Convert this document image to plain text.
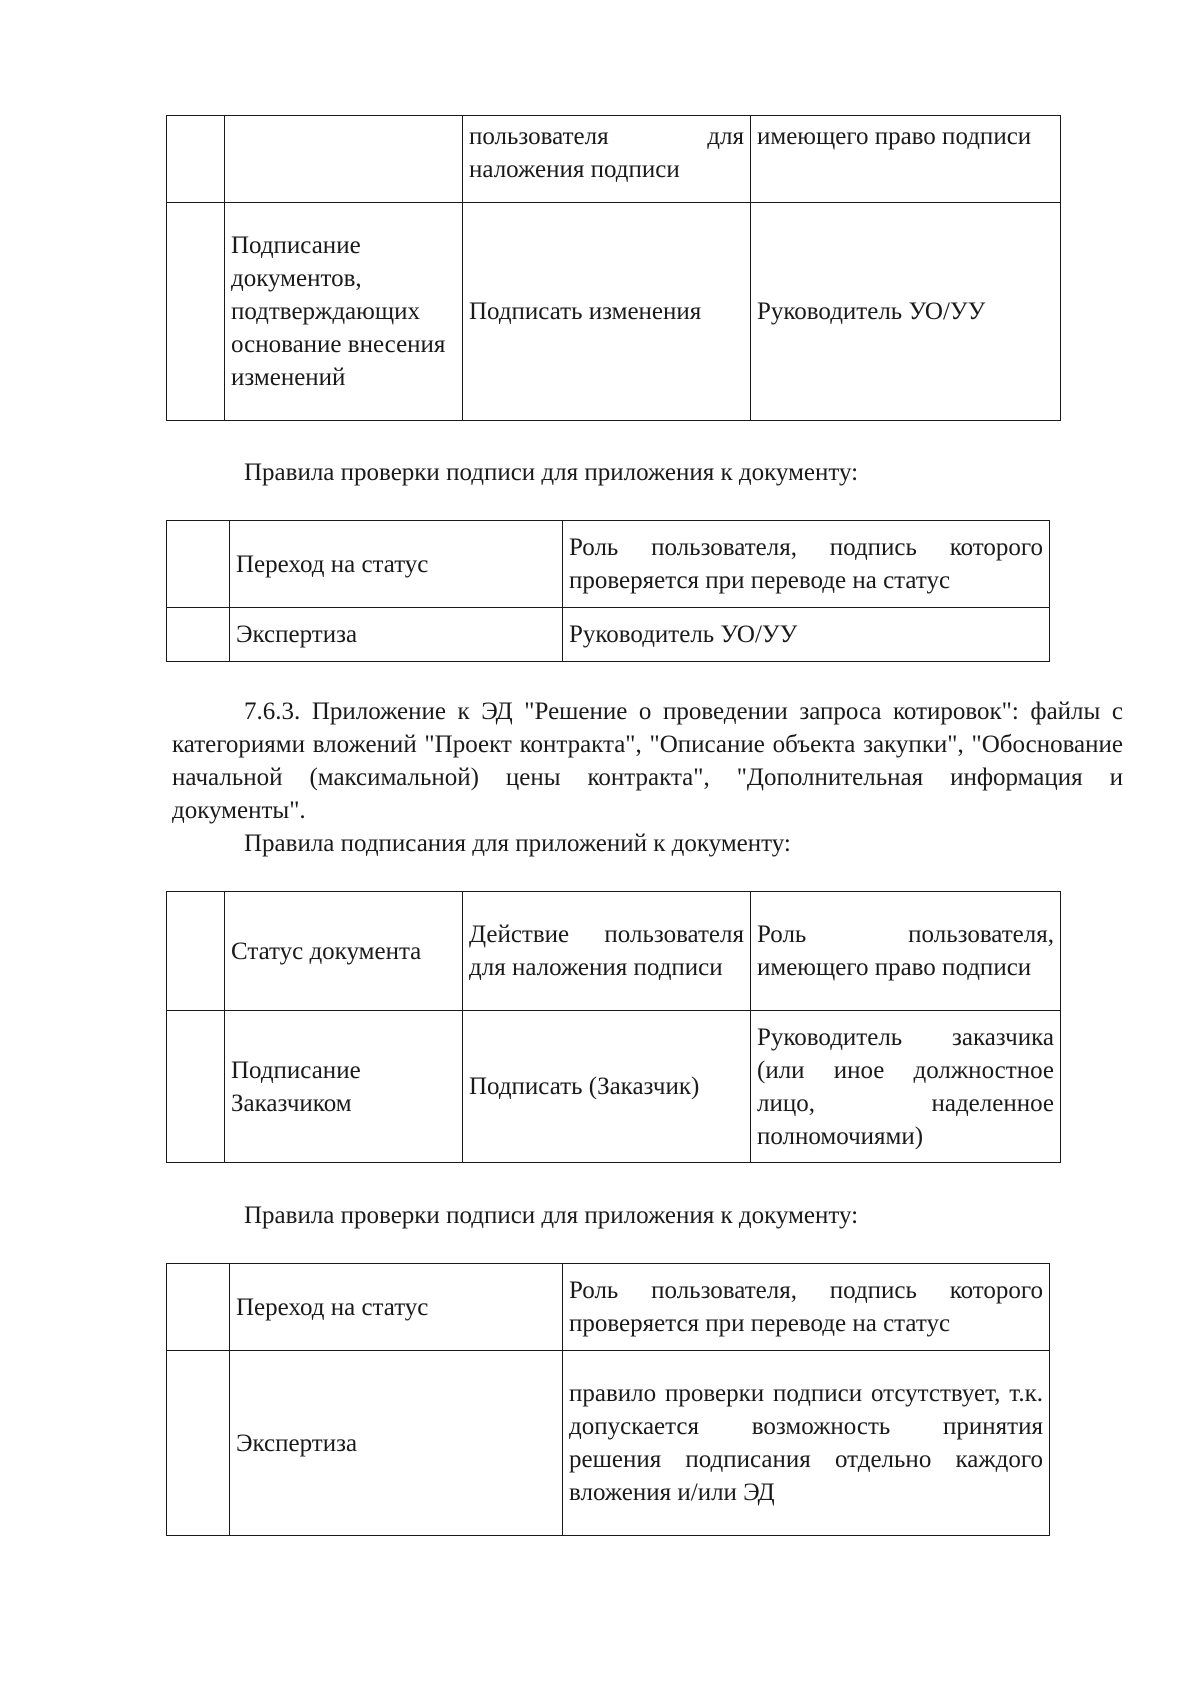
		пользователя для наложения подписи	имеющего право подписи
	Подписание документов, подтверждающих основание внесения изменений	Подписать изменения	Руководитель УО/УУ

Правила проверки подписи для приложения к документу:

	Переход на статус	Роль пользователя, подпись которого проверяется при переводе на статус
	Экспертиза	Руководитель УО/УУ

7.6.3. Приложение к ЭД "Решение о проведении запроса котировок": файлы с категориями вложений "Проект контракта", "Описание объекта закупки", "Обоснование начальной (максимальной) цены контракта", "Дополнительная информация и документы".

Правила подписания для приложений к документу:

	Статус документа	Действие пользователя для наложения подписи	Роль пользователя, имеющего право подписи
	Подписание Заказчиком	Подписать (Заказчик)	Руководитель заказчика (или иное должностное лицо, наделенное полномочиями)

Правила проверки подписи для приложения к документу:

	Переход на статус	Роль пользователя, подпись которого проверяется при переводе на статус
	Экспертиза	правило проверки подписи отсутствует, т.к. допускается возможность принятия решения подписания отдельно каждого вложения и/или ЭД
